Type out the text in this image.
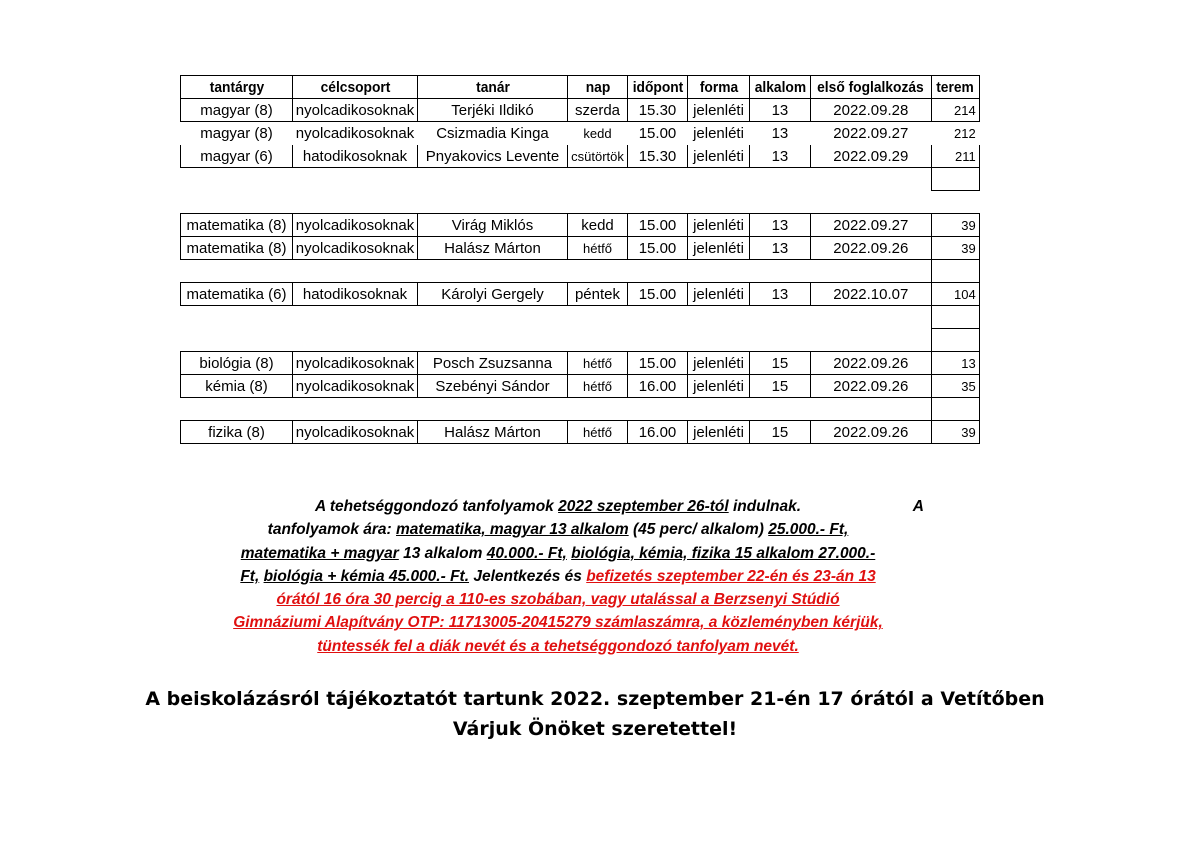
tantárgy	célcsoport	tanár	nap	időpont	forma	alkalom	első foglalkozás	terem
magyar (8)	nyolcadikosoknak	Terjéki Ildikó	szerda	15.30	jelenléti	13	2022.09.28	214
magyar (8)	nyolcadikosoknak	Csizmadia Kinga	kedd	15.00	jelenléti	13	2022.09.27	212
magyar (6)	hatodikosoknak	Pnyakovics Levente	csütörtök	15.30	jelenléti	13	2022.09.29	211

matematika (8)	nyolcadikosoknak	Virág Miklós	kedd	15.00	jelenléti	13	2022.09.27	39
matematika (8)	nyolcadikosoknak	Halász Márton	hétfő	15.00	jelenléti	13	2022.09.26	39

matematika (6)	hatodikosoknak	Károlyi Gergely	péntek	15.00	jelenléti	13	2022.10.07	104

biológia (8)	nyolcadikosoknak	Posch Zsuzsanna	hétfő	15.00	jelenléti	15	2022.09.26	13
kémia (8)	nyolcadikosoknak	Szebényi Sándor	hétfő	16.00	jelenléti	15	2022.09.26	35

fizika (8)	nyolcadikosoknak	Halász Márton	hétfő	16.00	jelenléti	15	2022.09.26	39
A tehetséggondozó tanfolyamok 2022 szeptember 26-tól indulnak.	A
tanfolyamok ára: matematika, magyar 13 alkalom (45 perc/ alkalom) 25.000.- Ft,
matematika + magyar 13 alkalom 40.000.- Ft, biológia, kémia, fizika 15 alkalom 27.000.-
Ft, biológia + kémia 45.000.- Ft. Jelentkezés és befizetés szeptember 22-én és 23-án 13
órától 16 óra 30 percig a 110-es szobában, vagy utalással a Berzsenyi Stúdió
Gimnáziumi Alapítvány OTP: 11713005-20415279 számlaszámra, a közleményben kérjük,
tüntessék fel a diák nevét és a tehetséggondozó tanfolyam nevét.
A beiskolázásról tájékoztatót tartunk 2022. szeptember 21-én 17 órától a Vetítőben
Várjuk Önöket szeretettel!
